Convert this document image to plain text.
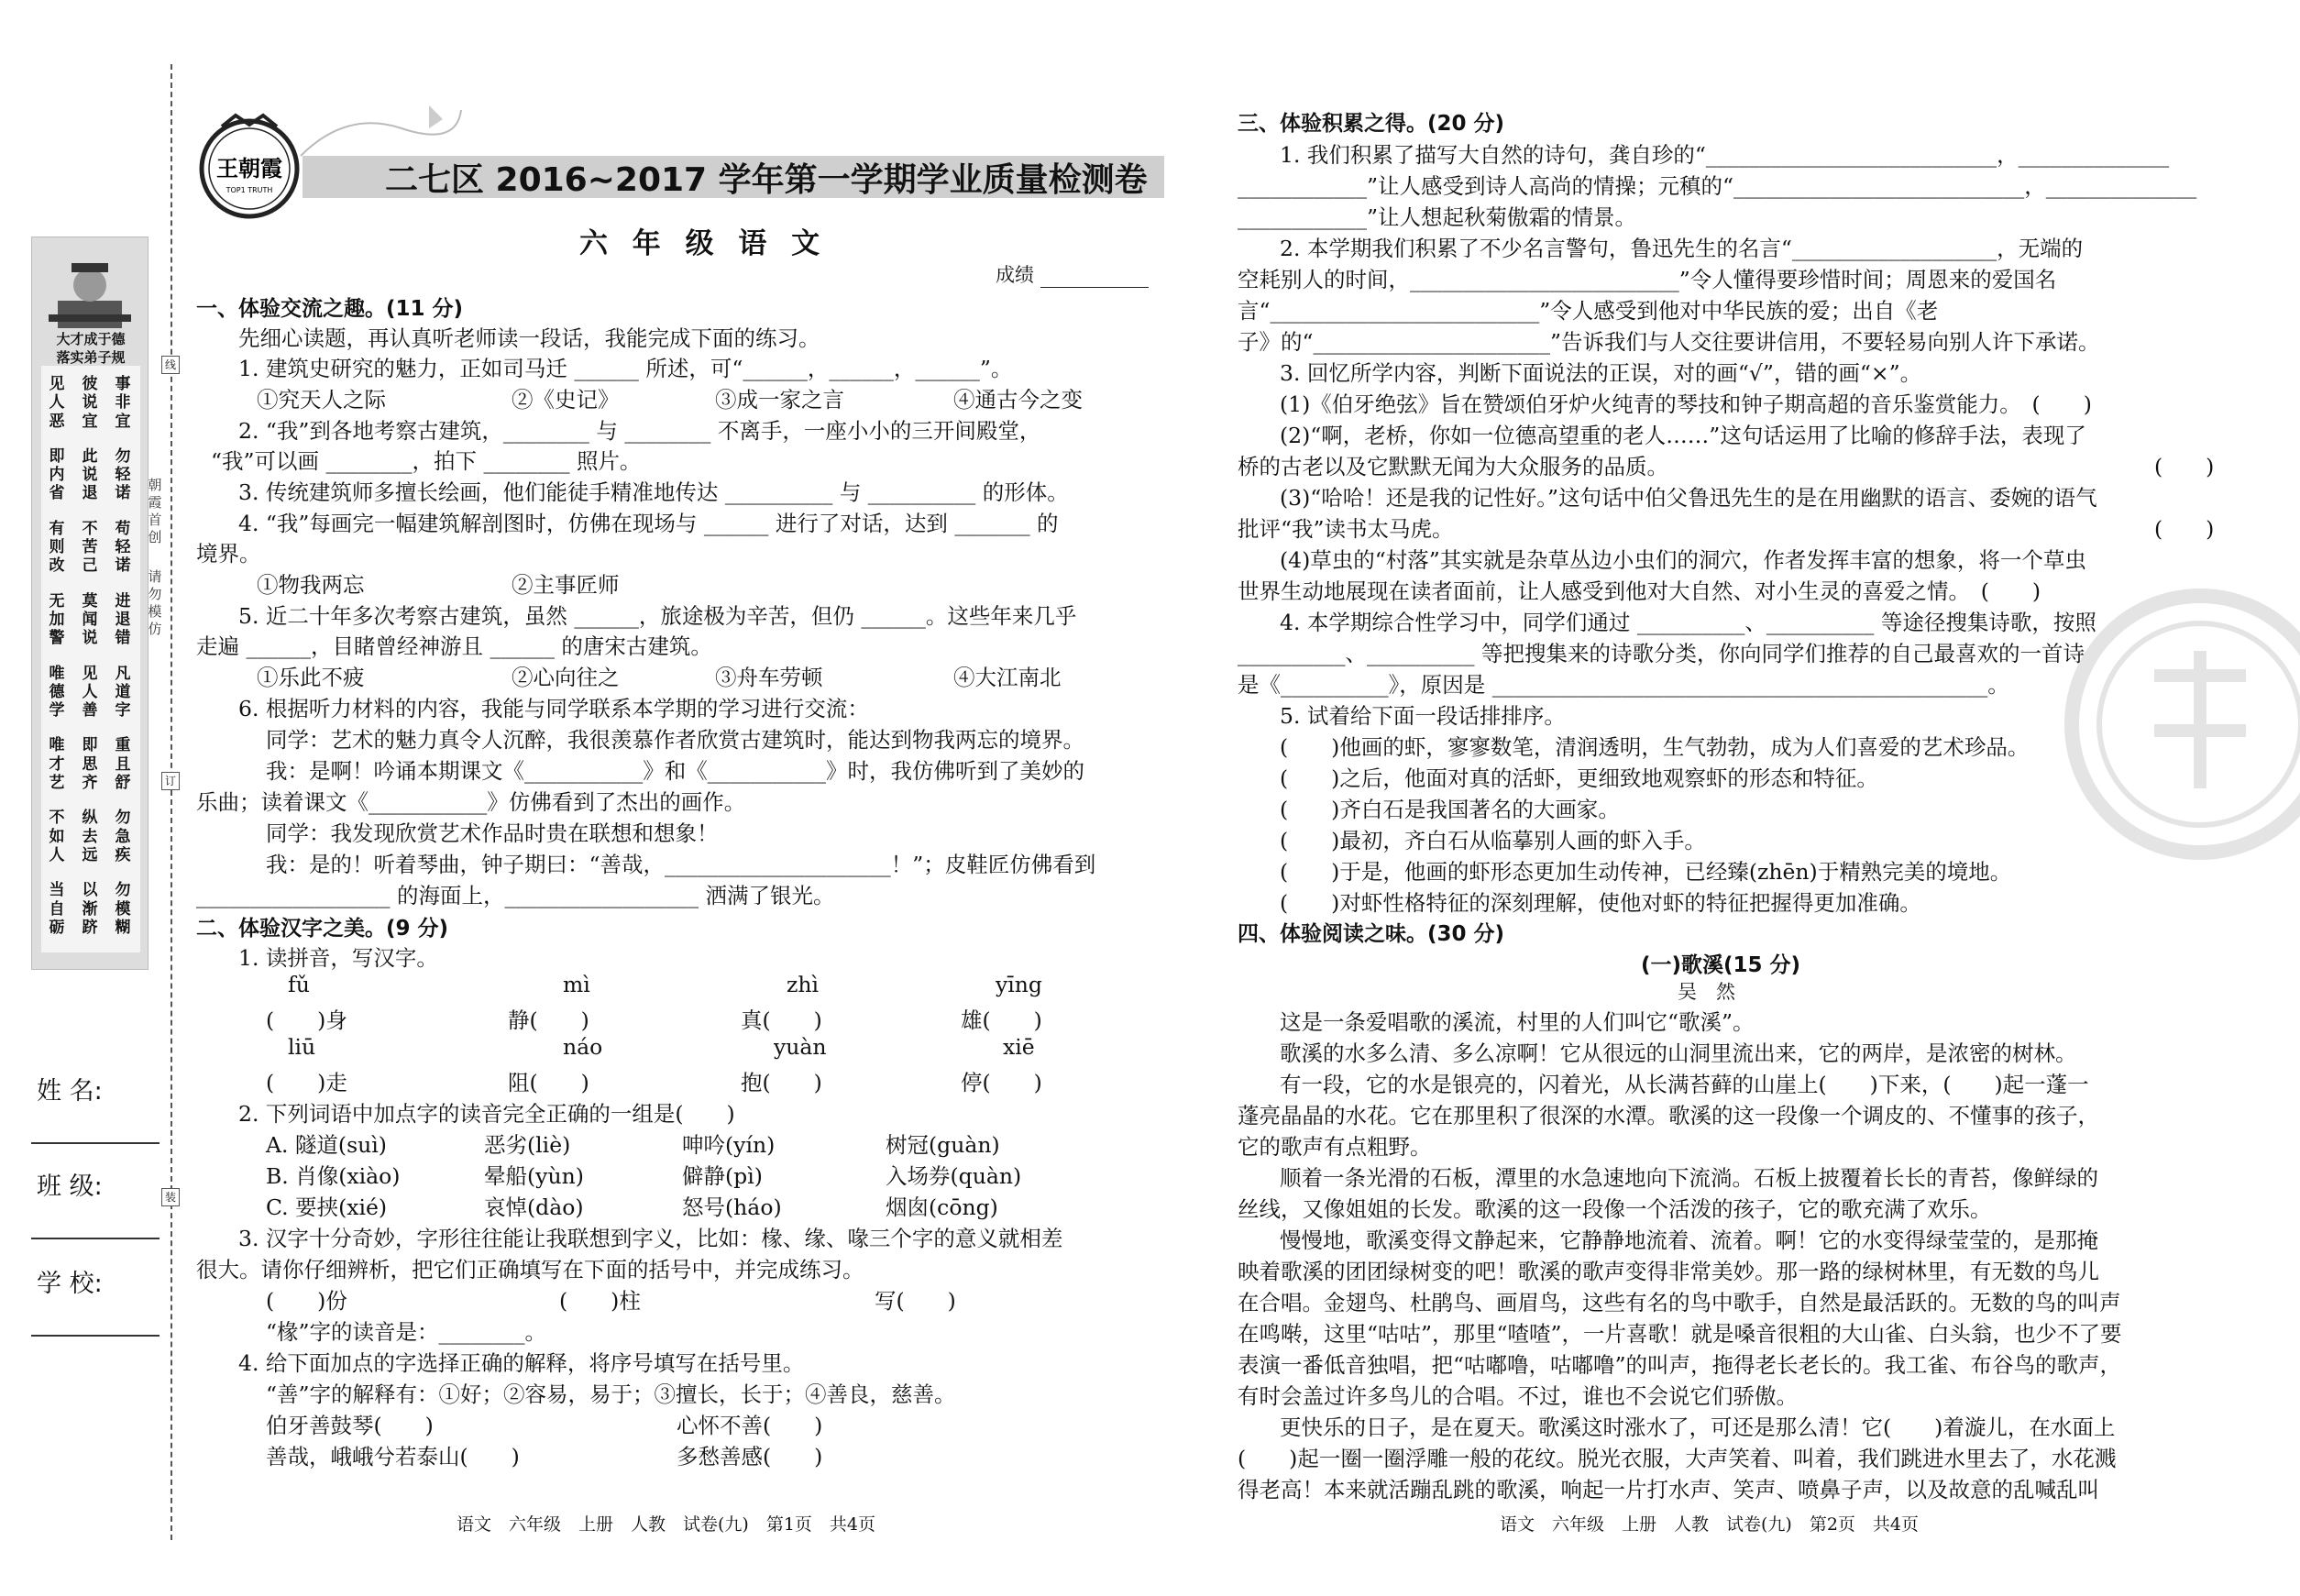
大才成于德
落实弟子规
见
人
恶
即
内
省
有
则
改
无
加
警
唯
德
学
唯
才
艺
不
如
人
当
自
砺
彼
说
宜
此
说
退
不
苦
己
莫
闻
说
见
人
善
即
思
齐
纵
去
远
以
渐
跻
事
非
宜
勿
轻
诺
苟
轻
诺
进
退
错
凡
道
字
重
且
舒
勿
急
疾
勿
模
糊
线
订
装
朝
霞
首
创
请
勿
模
仿
姓 名:
班 级:
学 校:
王朝霞
TOP1 TRUTH	二七区 2016~2017 学年第一学期学业质量检测卷
六 年 级 语 文
成绩
一、体验交流之趣。(11 分)
先细心读题，再认真听老师读一段话，我能完成下面的练习。
1. 建筑史研究的魅力，正如司马迁 ______ 所述，可“______，______，______”。
①究天人之际	②《史记》	③成一家之言	④通古今之变
2. “我”到各地考察古建筑，________ 与 ________ 不离手，一座小小的三开间殿堂，
“我”可以画 ________，拍下 ________ 照片。
3. 传统建筑师多擅长绘画，他们能徒手精准地传达 __________ 与 __________ 的形体。
4. “我”每画完一幅建筑解剖图时，仿佛在现场与 ______ 进行了对话，达到 _______ 的
境界。
①物我两忘	②主事匠师
5. 近二十年多次考察古建筑，虽然 ______，旅途极为辛苦，但仍 ______。这些年来几乎
走遍 ______，目睹曾经神游且 ______ 的唐宋古建筑。
①乐此不疲	②心向往之	③舟车劳顿	④大江南北
6. 根据听力材料的内容，我能与同学联系本学期的学习进行交流：
同学：艺术的魅力真令人沉醉，我很羡慕作者欣赏古建筑时，能达到物我两忘的境界。
我：是啊！吟诵本期课文《___________》和《___________》时，我仿佛听到了美妙的
乐曲；读着课文《___________》仿佛看到了杰出的画作。
同学：我发现欣赏艺术作品时贵在联想和想象！
我：是的！听着琴曲，钟子期曰：“善哉，_____________________！”；皮鞋匠仿佛看到
__________________ 的海面上，__________________ 洒满了银光。
二、体验汉字之美。(9 分)
1. 读拼音，写汉字。
fǔ	mì	zhì	yīng
(　　)身	静(　　)	真(　　)	雄(　　)
liū	náo	yuàn	xiē
(　　)走	阻(　　)	抱(　　)	停(　　)
2. 下列词语中加点字的读音完全正确的一组是(　　)
A. 隧道(suì)	恶劣(liè)	呻吟(yín)	树冠(guàn)
B. 肖像(xiào)	晕船(yùn)	僻静(pì)	入场券(quàn)
C. 要挟(xié)	哀悼(dào)	怒号(háo)	烟囱(cōng)
3. 汉字十分奇妙，字形往往能让我联想到字义，比如：椽、缘、喙三个字的意义就相差
很大。请你仔细辨析，把它们正确填写在下面的括号中，并完成练习。
(　　)份	(　　)柱	写(　　)
“椽”字的读音是：________。
4. 给下面加点的字选择正确的解释，将序号填写在括号里。
“善”字的解释有：①好；②容易，易于；③擅长，长于；④善良，慈善。
伯牙善鼓琴(　　)	心怀不善(　　)
善哉，峨峨兮若泰山(　　)	多愁善感(　　)
语文　六年级　上册　人教　试卷(九)　第1页　共4页
三、体验积累之得。(20 分)
1. 我们积累了描写大自然的诗句，龚自珍的“___________________________，______________
____________”让人感受到诗人高尚的情操；元稹的“___________________________，______________
____________”让人想起秋菊傲霜的情景。
2. 本学期我们积累了不少名言警句，鲁迅先生的名言“___________________，无端的
空耗别人的时间，_________________________”令人懂得要珍惜时间；周恩来的爱国名
言“_________________________”令人感受到他对中华民族的爱；出自《老
子》的“______________________”告诉我们与人交往要讲信用，不要轻易向别人许下承诺。
3. 回忆所学内容，判断下面说法的正误，对的画“√”，错的画“×”。
(1)《伯牙绝弦》旨在赞颂伯牙炉火纯青的琴技和钟子期高超的音乐鉴赏能力。　(　　)
(2)“啊，老桥，你如一位德高望重的老人……”这句话运用了比喻的修辞手法，表现了
桥的古老以及它默默无闻为大众服务的品质。	(　　)
(3)“哈哈！还是我的记性好。”这句话中伯父鲁迅先生的是在用幽默的语言、委婉的语气
批评“我”读书太马虎。	(　　)
(4)草虫的“村落”其实就是杂草丛边小虫们的洞穴，作者发挥丰富的想象，将一个草虫
世界生动地展现在读者面前，让人感受到他对大自然、对小生灵的喜爱之情。　(　　)
4. 本学期综合性学习中，同学们通过 __________、__________ 等途径搜集诗歌，按照
__________、__________ 等把搜集来的诗歌分类，你向同学们推荐的自己最喜欢的一首诗
是《__________》，原因是 ______________________________________________。
5. 试着给下面一段话排排序。
(　　)他画的虾，寥寥数笔，清润透明，生气勃勃，成为人们喜爱的艺术珍品。
(　　)之后，他面对真的活虾，更细致地观察虾的形态和特征。
(　　)齐白石是我国著名的大画家。
(　　)最初，齐白石从临摹别人画的虾入手。
(　　)于是，他画的虾形态更加生动传神，已经臻(zhēn)于精熟完美的境地。
(　　)对虾性格特征的深刻理解，使他对虾的特征把握得更加准确。
四、体验阅读之味。(30 分)
(一)歌溪(15 分)
吴　然
这是一条爱唱歌的溪流，村里的人们叫它“歌溪”。
歌溪的水多么清、多么凉啊！它从很远的山洞里流出来，它的两岸，是浓密的树林。
有一段，它的水是银亮的，闪着光，从长满苔藓的山崖上(　　)下来，(　　)起一蓬一
蓬亮晶晶的水花。它在那里积了很深的水潭。歌溪的这一段像一个调皮的、不懂事的孩子，
它的歌声有点粗野。
顺着一条光滑的石板，潭里的水急速地向下流淌。石板上披覆着长长的青苔，像鲜绿的
丝线，又像姐姐的长发。歌溪的这一段像一个活泼的孩子，它的歌充满了欢乐。
慢慢地，歌溪变得文静起来，它静静地流着、流着。啊！它的水变得绿莹莹的，是那掩
映着歌溪的团团绿树变的吧！歌溪的歌声变得非常美妙。那一路的绿树林里，有无数的鸟儿
在合唱。金翅鸟、杜鹃鸟、画眉鸟，这些有名的鸟中歌手，自然是最活跃的。无数的鸟的叫声
在鸣啭，这里“咕咕”，那里“喳喳”，一片喜歌！就是嗓音很粗的大山雀、白头翁，也少不了要
表演一番低音独唱，把“咕嘟噜，咕嘟噜”的叫声，拖得老长老长的。我工雀、布谷鸟的歌声，
有时会盖过许多鸟儿的合唱。不过，谁也不会说它们骄傲。
更快乐的日子，是在夏天。歌溪这时涨水了，可还是那么清！它(　　)着漩儿，在水面上
(　　)起一圈一圈浮雕一般的花纹。脱光衣服，大声笑着、叫着，我们跳进水里去了，水花溅
得老高！本来就活蹦乱跳的歌溪，响起一片打水声、笑声、喷鼻子声，以及故意的乱喊乱叫
语文　六年级　上册　人教　试卷(九)　第2页　共4页
